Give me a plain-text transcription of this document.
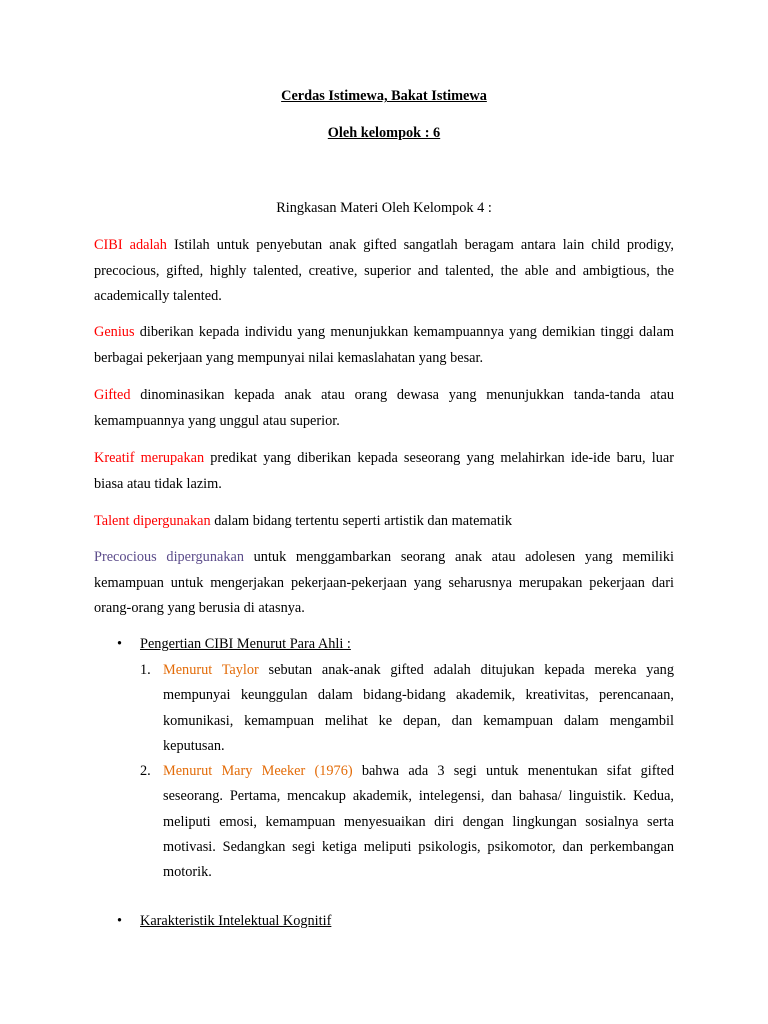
Cerdas Istimewa, Bakat Istimewa
Oleh kelompok : 6
Ringkasan Materi Oleh Kelompok 4 :
CIBI adalah Istilah untuk penyebutan anak gifted sangatlah beragam antara lain child prodigy, precocious, gifted, highly talented, creative, superior and talented, the able and ambigtious, the academically talented.
Genius diberikan kepada individu yang menunjukkan kemampuannya yang demikian tinggi dalam berbagai pekerjaan yang mempunyai nilai kemaslahatan yang besar.
Gifted dinominasikan kepada anak atau orang dewasa yang menunjukkan tanda-tanda atau kemampuannya yang unggul atau superior.
Kreatif merupakan predikat yang diberikan kepada seseorang yang melahirkan ide-ide baru, luar biasa atau tidak lazim.
Talent dipergunakan dalam bidang tertentu seperti artistik dan matematik
Precocious dipergunakan untuk menggambarkan seorang anak atau adolesen yang memiliki kemampuan untuk mengerjakan pekerjaan-pekerjaan yang seharusnya merupakan pekerjaan dari orang-orang yang berusia di atasnya.
• Pengertian CIBI Menurut Para Ahli :
1. Menurut Taylor sebutan anak-anak gifted adalah ditujukan kepada mereka yang mempunyai keunggulan dalam bidang-bidang akademik, kreativitas, perencanaan, komunikasi, kemampuan melihat ke depan, dan kemampuan dalam mengambil keputusan.
2. Menurut Mary Meeker (1976) bahwa ada 3 segi untuk menentukan sifat gifted seseorang. Pertama, mencakup akademik, intelegensi, dan bahasa/ linguistik. Kedua, meliputi emosi, kemampuan menyesuaikan diri dengan lingkungan sosialnya serta motivasi. Sedangkan segi ketiga meliputi psikologis, psikomotor, dan perkembangan motorik.
• Karakteristik Intelektual Kognitif
